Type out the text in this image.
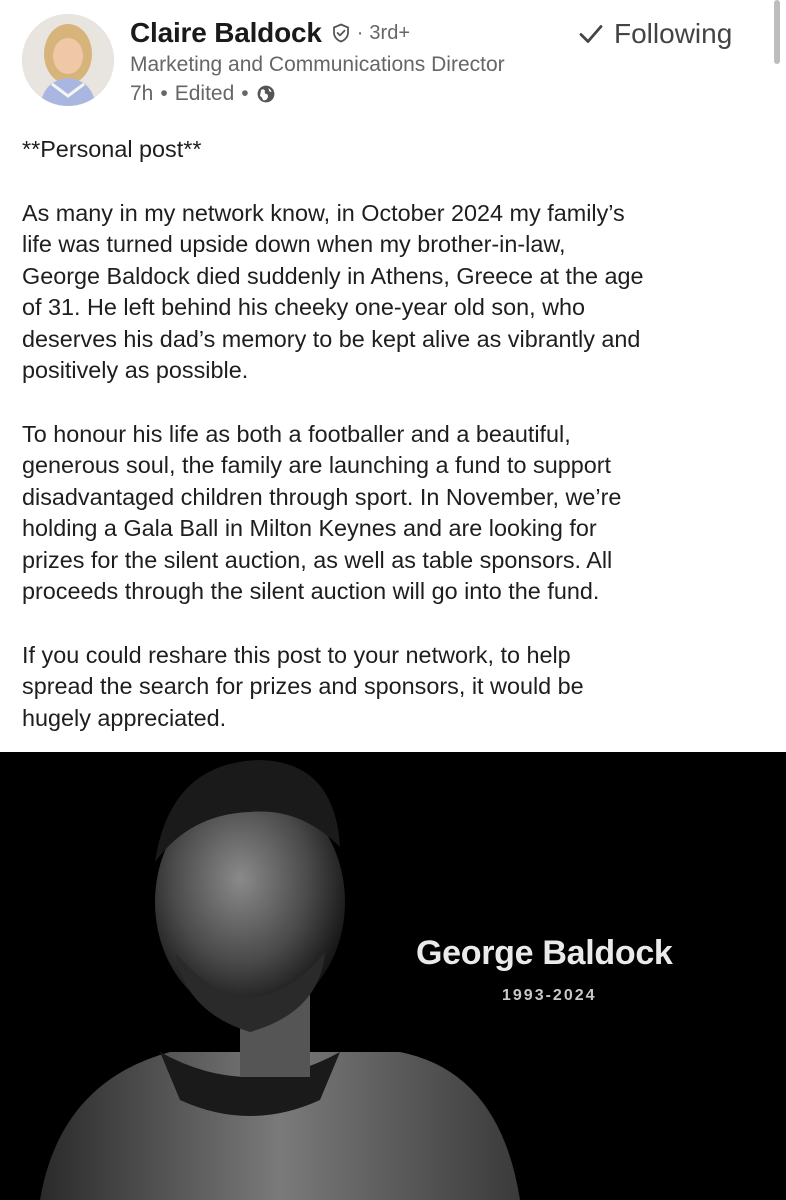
Claire Baldock · 3rd+
Marketing and Communications Director
7h • Edited •
Following

**Personal post**

As many in my network know, in October 2024 my family’s
life was turned upside down when my brother-in-law,
George Baldock died suddenly in Athens, Greece at the age
of 31. He left behind his cheeky one-year old son, who
deserves his dad’s memory to be kept alive as vibrantly and
positively as possible.

To honour his life as both a footballer and a beautiful,
generous soul, the family are launching a fund to support
disadvantaged children through sport. In November, we’re
holding a Gala Ball in Milton Keynes and are looking for
prizes for the silent auction, as well as table sponsors. All
proceeds through the silent auction will go into the fund.

If you could reshare this post to your network, to help
spread the search for prizes and sponsors, it would be
hugely appreciated.

George Baldock
1993-2024
